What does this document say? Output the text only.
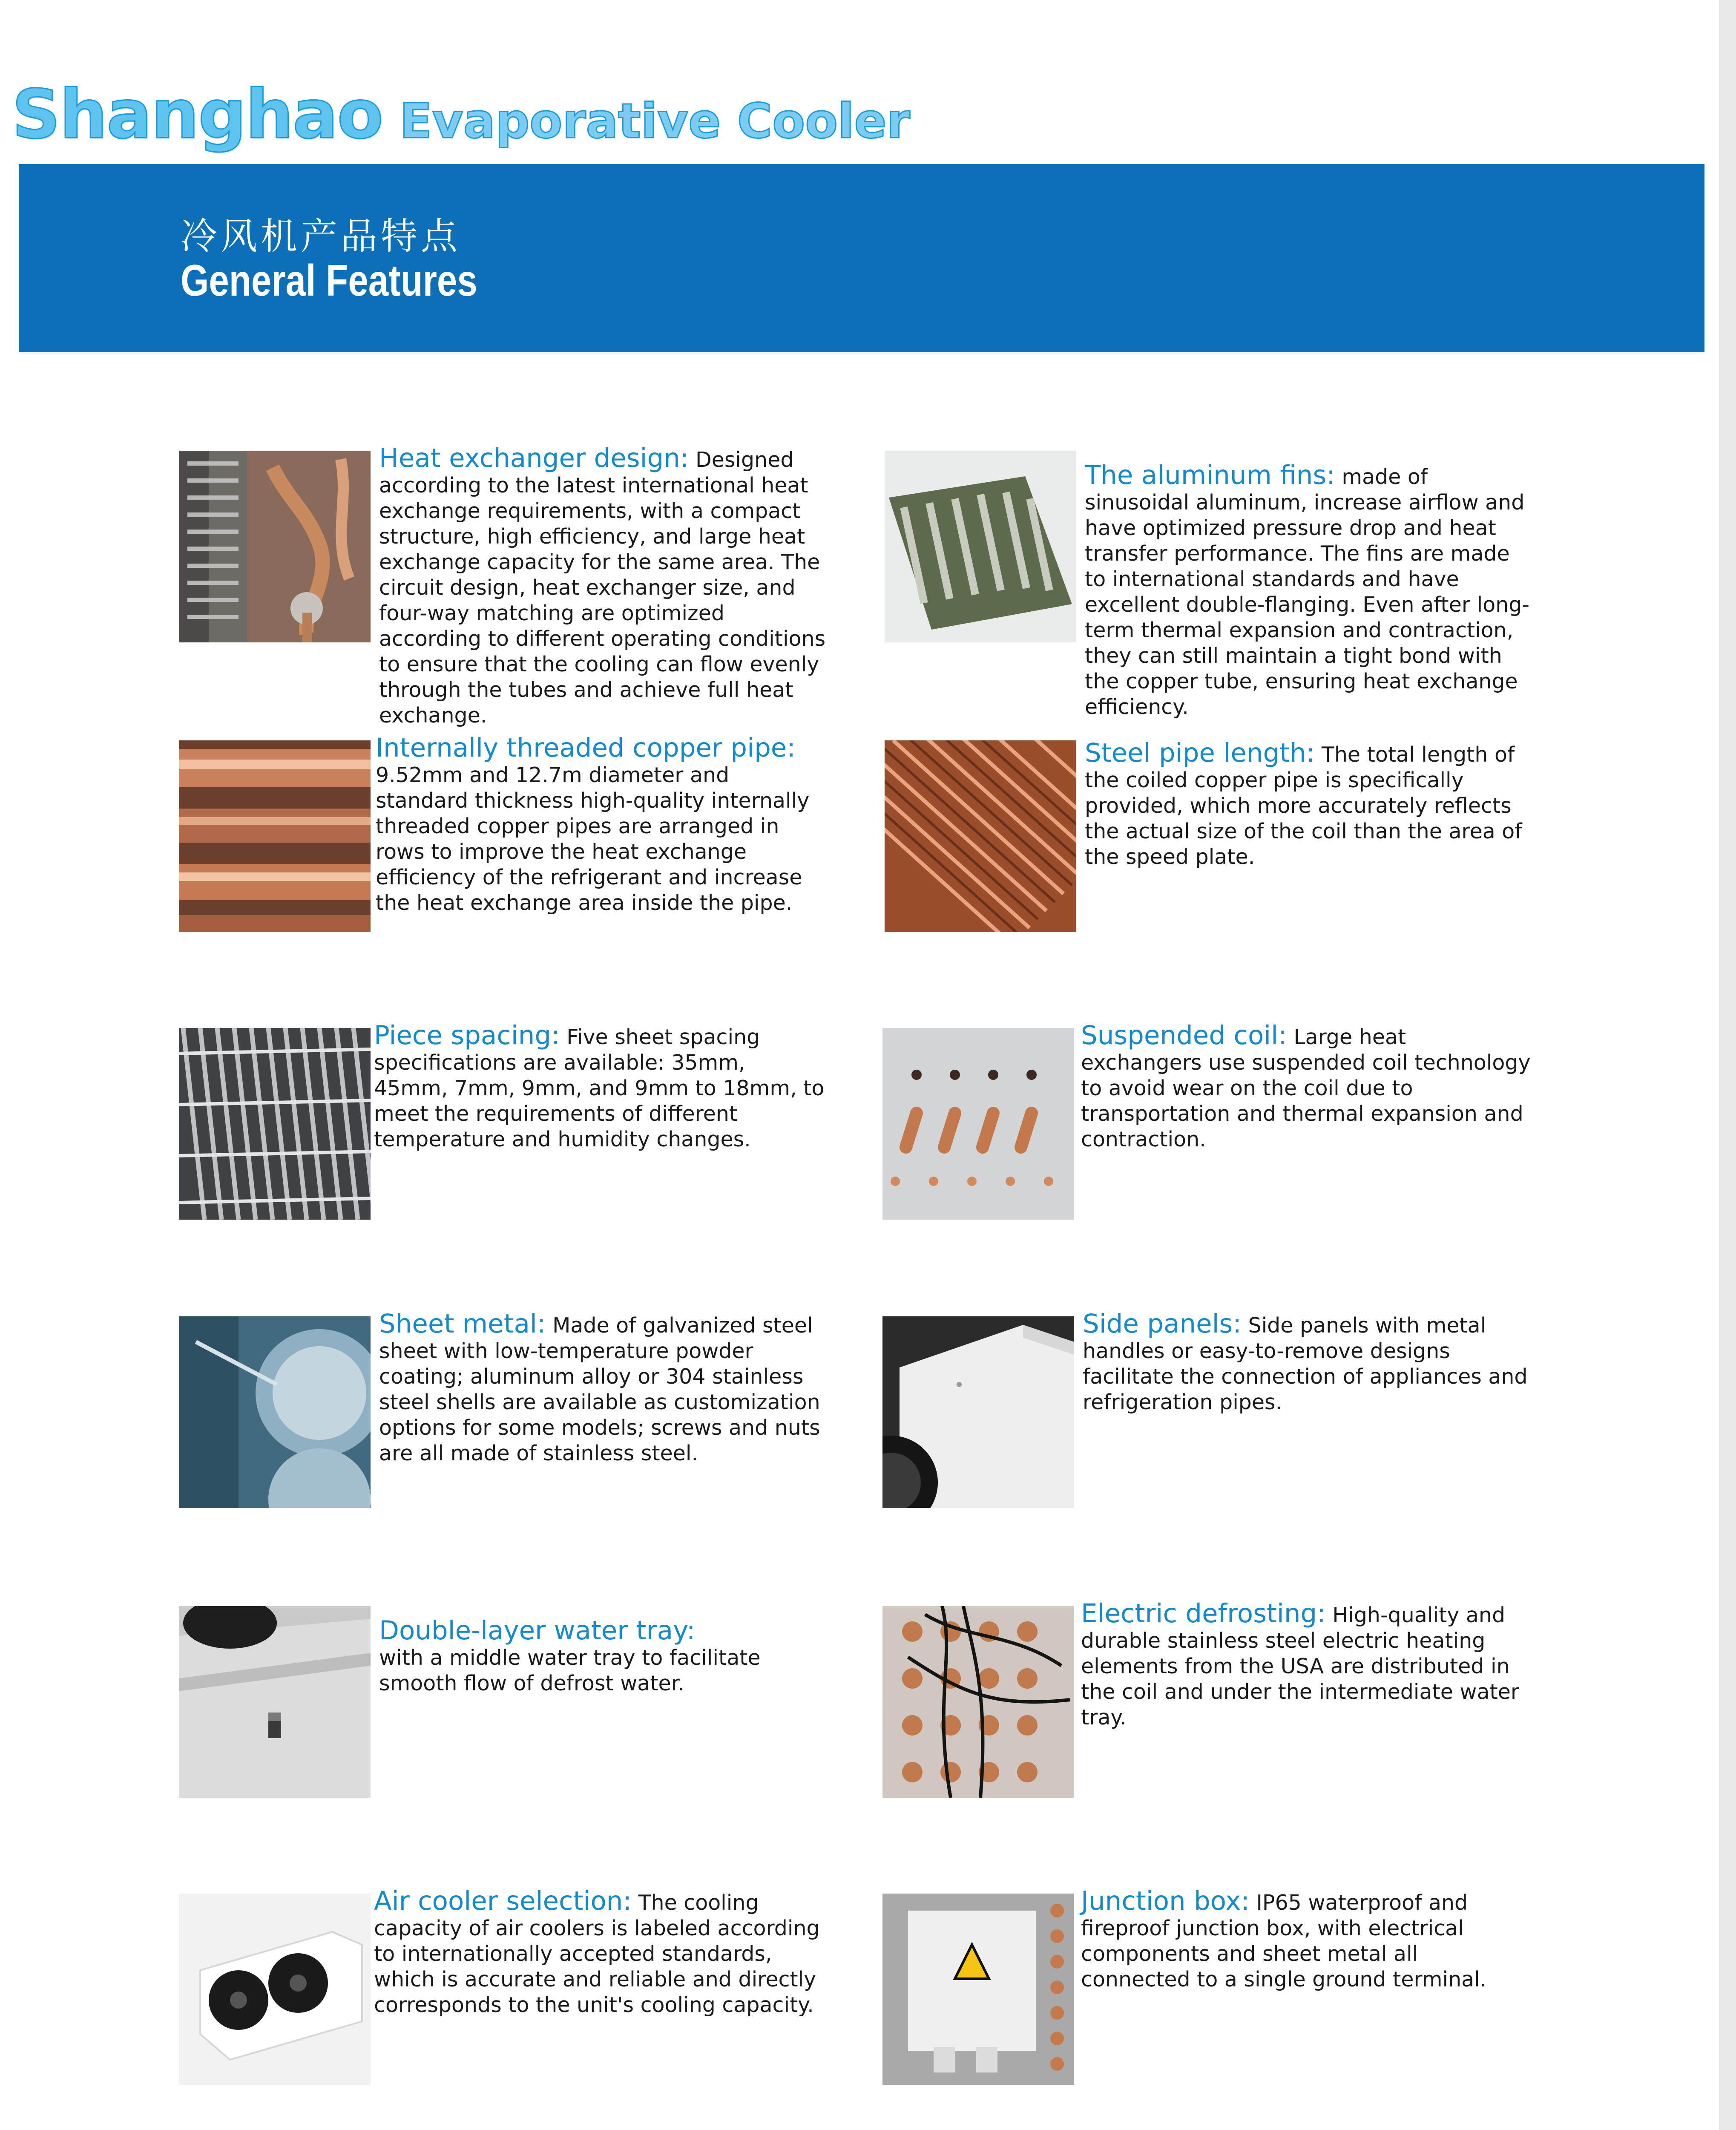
Shanghao Evaporative Cooler
冷风机产品特点
General Features
Heat exchanger design: Designed according to the latest international heat exchange requirements, with a compact structure, high efficiency, and large heat exchange capacity for the same area. The circuit design, heat exchanger size, and four-way matching are optimized according to different operating conditions to ensure that the cooling can flow evenly through the tubes and achieve full heat exchange.
The aluminum fins: made of sinusoidal aluminum, increase airflow and have optimized pressure drop and heat transfer performance. The fins are made to international standards and have excellent double-flanging. Even after long-term thermal expansion and contraction, they can still maintain a tight bond with the copper tube, ensuring heat exchange efficiency.
Internally threaded copper pipe:
9.52mm and 12.7m diameter and standard thickness high-quality internally threaded copper pipes are arranged in rows to improve the heat exchange efficiency of the refrigerant and increase the heat exchange area inside the pipe.
Steel pipe length: The total length of the coiled copper pipe is specifically provided, which more accurately reflects the actual size of the coil than the area of the speed plate.
Piece spacing: Five sheet spacing specifications are available: 35mm, 45mm, 7mm, 9mm, and 9mm to 18mm, to meet the requirements of different temperature and humidity changes.
Suspended coil: Large heat exchangers use suspended coil technology to avoid wear on the coil due to transportation and thermal expansion and contraction.
Sheet metal: Made of galvanized steel sheet with low-temperature powder coating; aluminum alloy or 304 stainless steel shells are available as customization options for some models; screws and nuts are all made of stainless steel.
Side panels: Side panels with metal handles or easy-to-remove designs facilitate the connection of appliances and refrigeration pipes.
Double-layer water tray:
with a middle water tray to facilitate smooth flow of defrost water.
Electric defrosting: High-quality and durable stainless steel electric heating elements from the USA are distributed in the coil and under the intermediate water tray.
Air cooler selection: The cooling capacity of air coolers is labeled according to internationally accepted standards, which is accurate and reliable and directly corresponds to the unit's cooling capacity.
Junction box: IP65 waterproof and fireproof junction box, with electrical components and sheet metal all connected to a single ground terminal.
